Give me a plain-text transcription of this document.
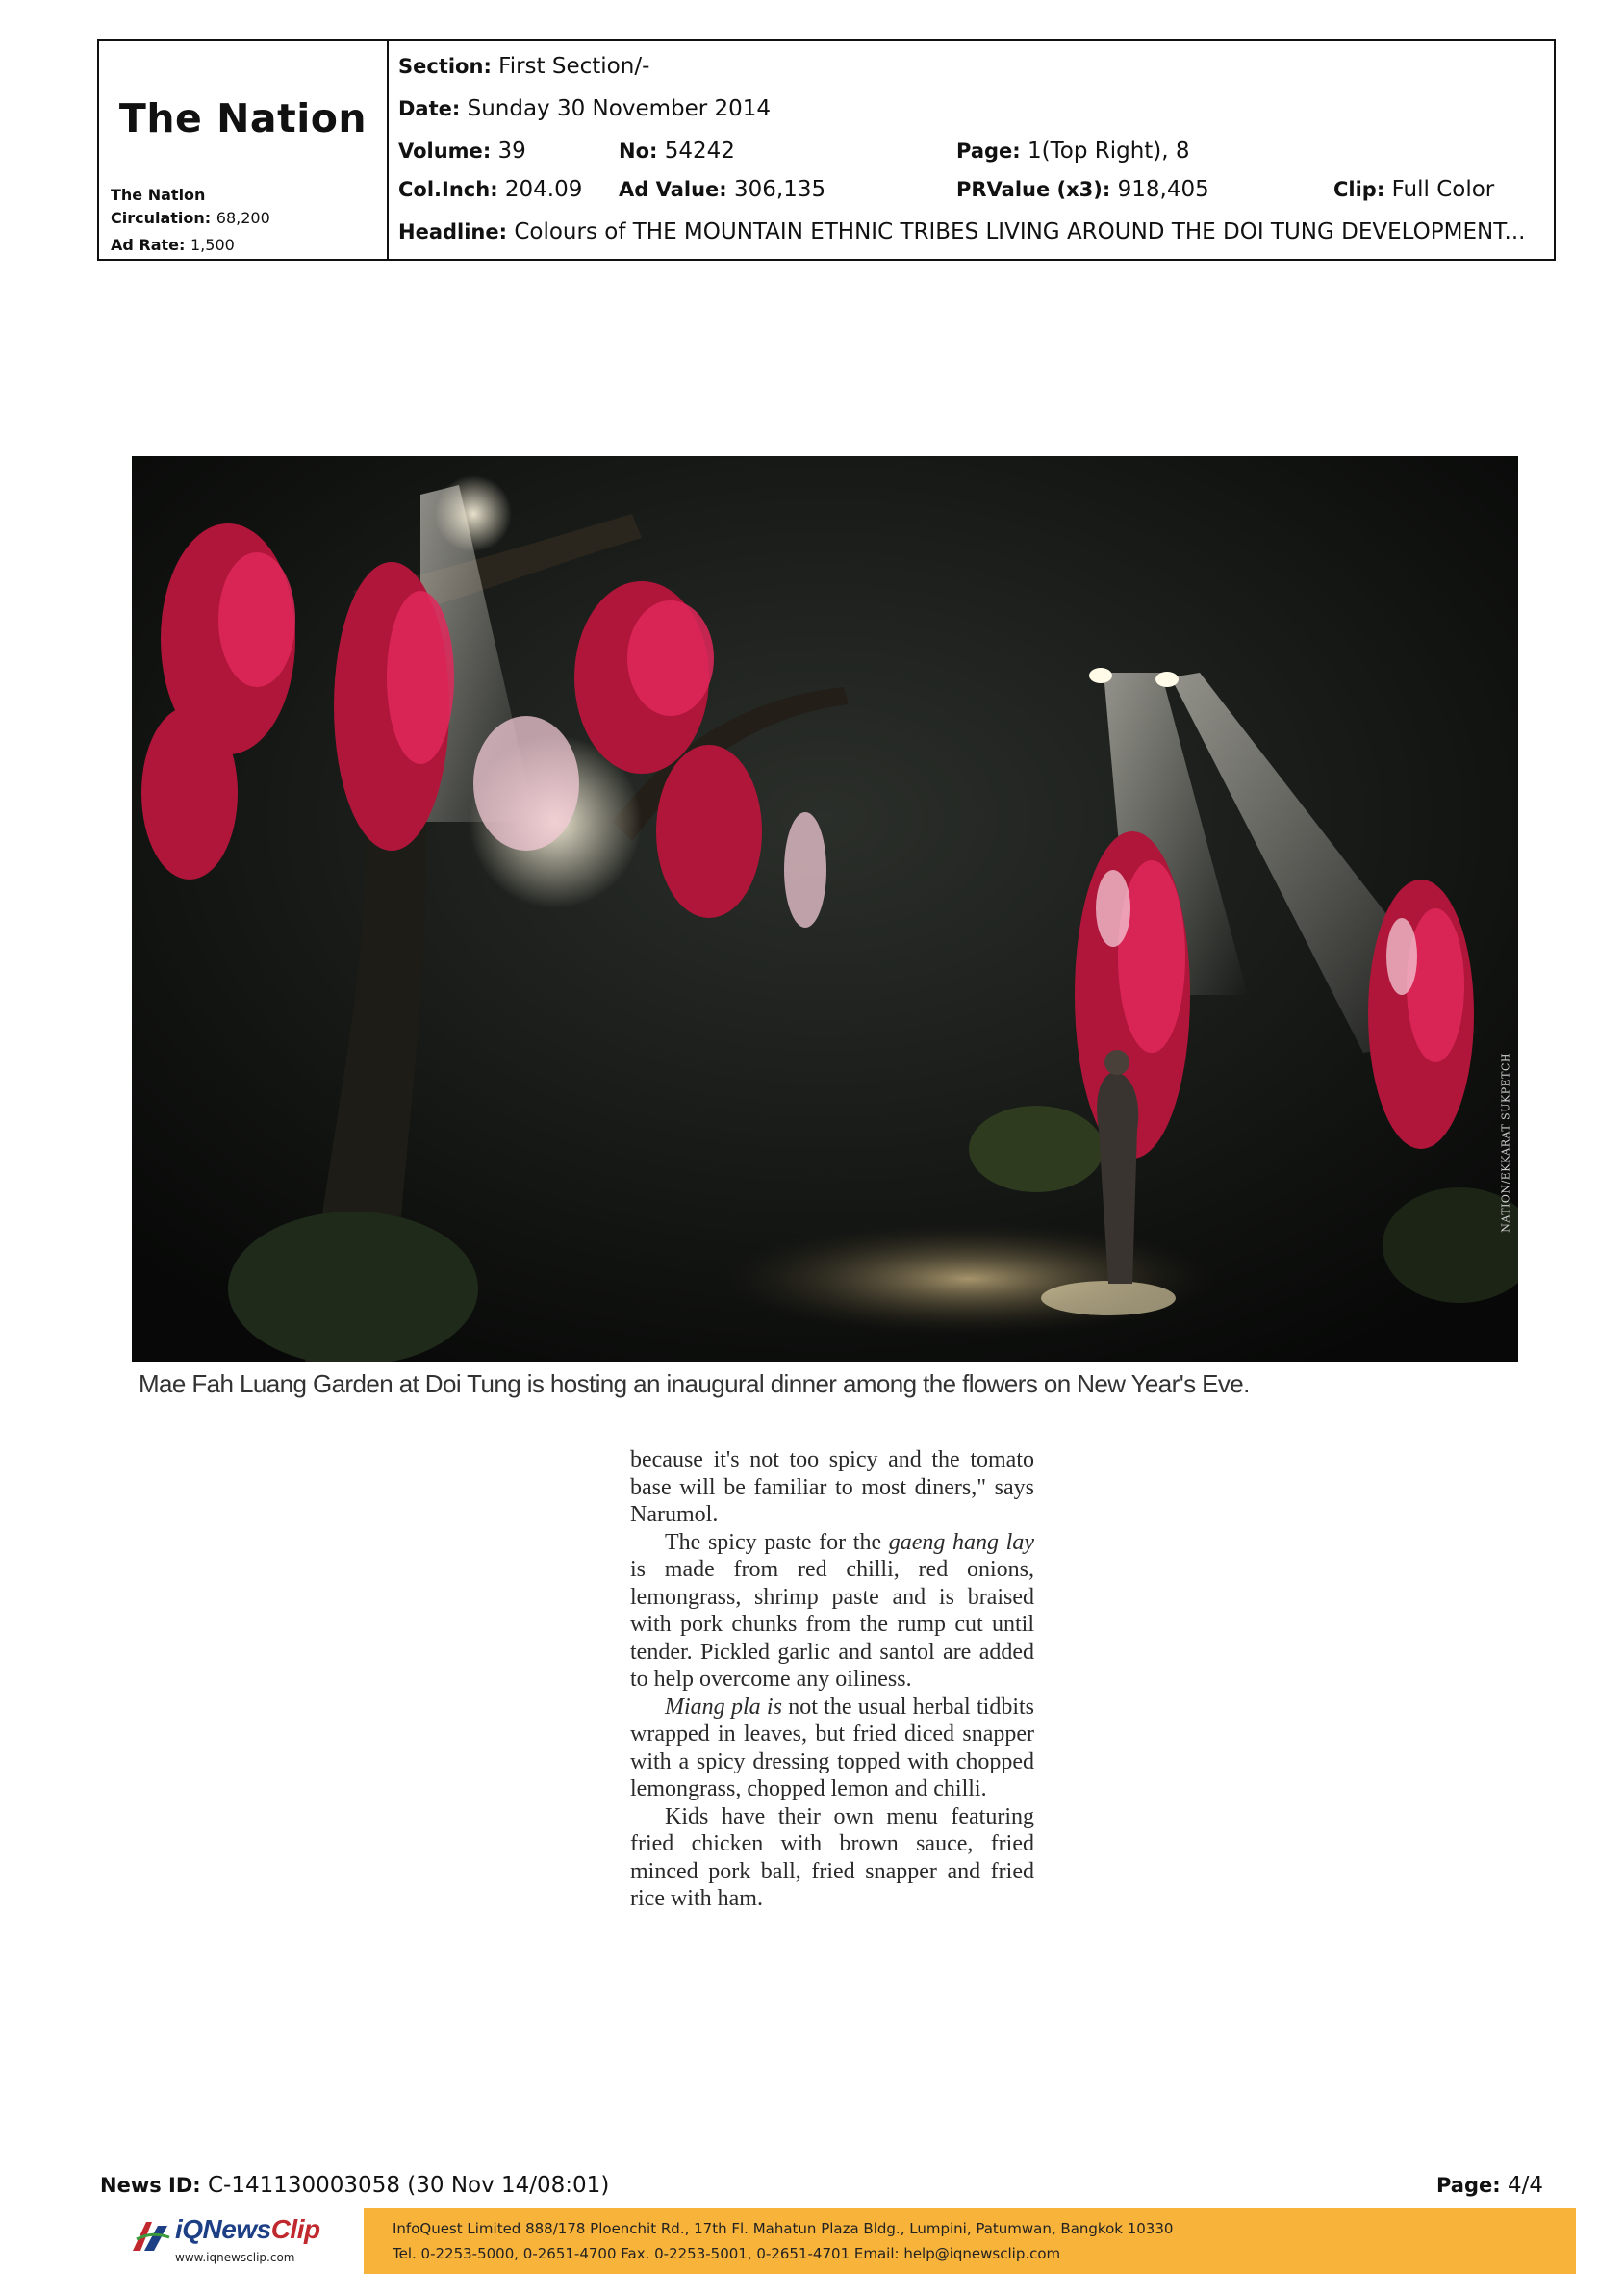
The Nation
The Nation
Circulation: 68,200
Ad Rate: 1,500
Section: First Section/-
Date: Sunday 30 November 2014
Volume: 39	No: 54242	Page: 1(Top Right), 8
Col.Inch: 204.09 Ad Value: 306,135	PRValue (x3): 918,405	Clip: Full Color
Headline: Colours of THE MOUNTAIN ETHNIC TRIBES LIVING AROUND THE DOI TUNG DEVELOPMENT...
NATION/EKKARAT SUKPETCH
Mae Fah Luang Garden at Doi Tung is hosting an inaugural dinner among the flowers on New Year's Eve.

because it's not too spicy and the tomato base will be familiar to most diners," says Narumol.

The spicy paste for the gaeng hang lay is made from red chilli, red onions, lemongrass, shrimp paste and is braised with pork chunks from the rump cut until tender. Pickled garlic and santol are added to help overcome any oiliness.

Miang pla is not the usual herbal tidbits wrapped in leaves, but fried diced snapper with a spicy dressing topped with chopped lemongrass, chopped lemon and chilli.

Kids have their own menu featuring fried chicken with brown sauce, fried minced pork ball, fried snapper and fried rice with ham.

News ID: C-141130003058 (30 Nov 14/08:01)	Page: 4/4
iQNewsClip
www.iqnewsclip.com
InfoQuest Limited 888/178 Ploenchit Rd., 17th Fl. Mahatun Plaza Bldg., Lumpini, Patumwan, Bangkok 10330
Tel. 0-2253-5000, 0-2651-4700 Fax. 0-2253-5001, 0-2651-4701 Email: help@iqnewsclip.com
